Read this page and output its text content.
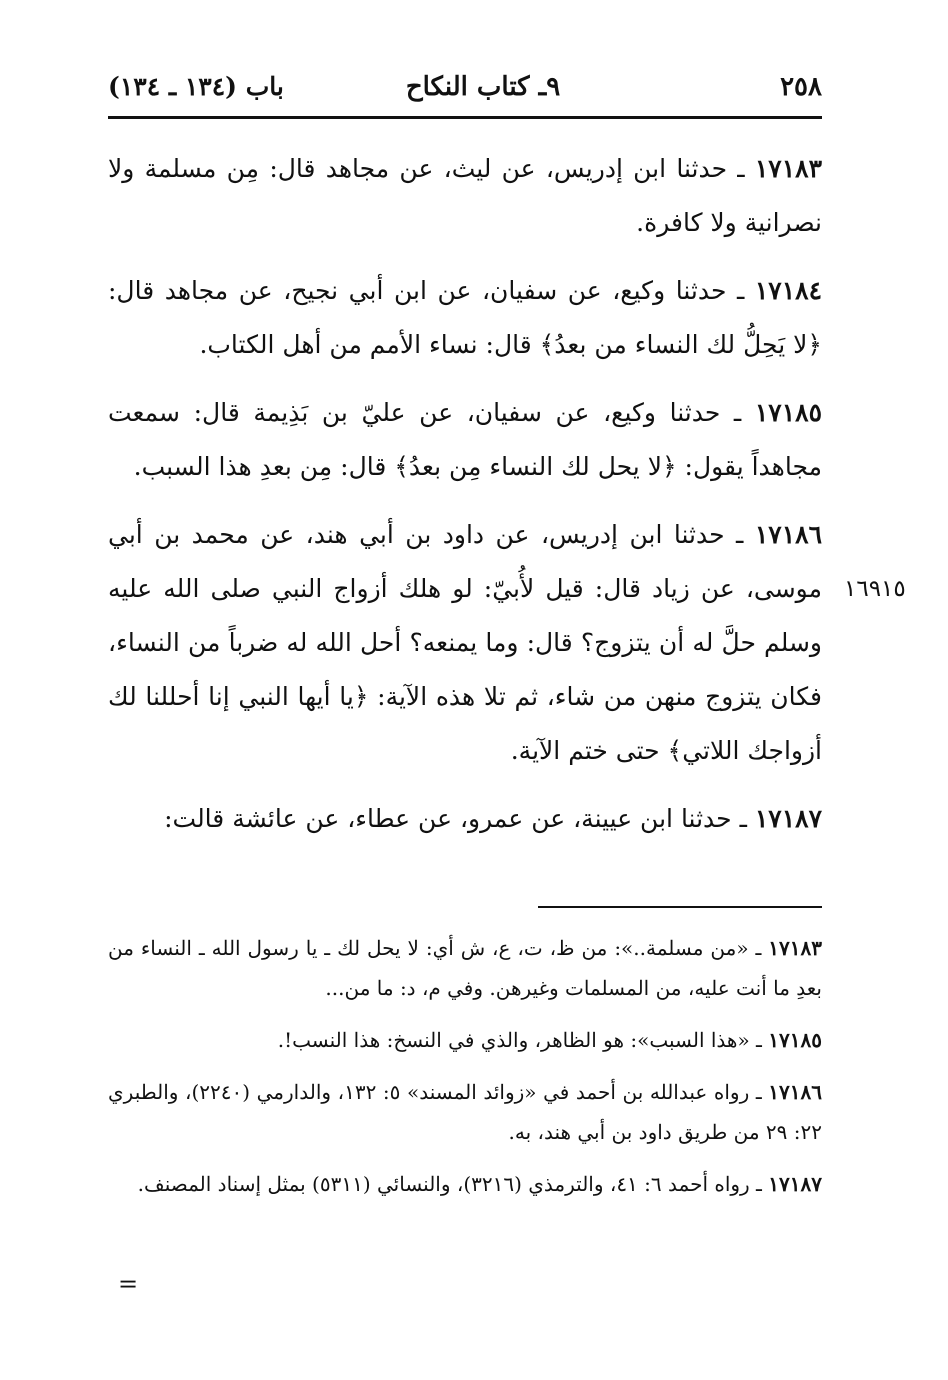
٢٥٨
٩ـ كتاب النكاح
باب (١٣٤ ـ ١٣٤)
١٦٩١٥

١٧١٨٣ ـ حدثنا ابن إدريس، عن ليث، عن مجاهد قال: مِن مسلمة ولا نصرانية ولا كافرة.

١٧١٨٤ ـ حدثنا وكيع، عن سفيان، عن ابن أبي نجيح، عن مجاهد قال: ﴿لا يَحِلُّ لك النساء من بعدُ﴾ قال: نساء الأمم من أهل الكتاب.

١٧١٨٥ ـ حدثنا وكيع، عن سفيان، عن عليّ بن بَذِيمة قال: سمعت مجاهداً يقول: ﴿لا يحل لك النساء مِن بعدُ﴾ قال: مِن بعدِ هذا السبب.

١٧١٨٦ ـ حدثنا ابن إدريس، عن داود بن أبي هند، عن محمد بن أبي موسى، عن زياد قال: قيل لأُبيّ: لو هلك أزواج النبي صلى الله عليه وسلم حلَّ له أن يتزوج؟ قال: وما يمنعه؟ أحل الله له ضرباً من النساء، فكان يتزوج منهن من شاء، ثم تلا هذه الآية: ﴿يا أيها النبي إنا أحللنا لك أزواجك اللاتي﴾ حتى ختم الآية.

١٧١٨٧ ـ حدثنا ابن عيينة، عن عمرو، عن عطاء، عن عائشة قالت:

١٧١٨٣ ـ «من مسلمة..»: من ظ، ت، ع، ش أي: لا يحل لك ـ يا رسول الله ـ النساء من بعدِ ما أنت عليه، من المسلمات وغيرهن. وفي م، د: ما من...

١٧١٨٥ ـ «هذا السبب»: هو الظاهر، والذي في النسخ: هذا النسب!.

١٧١٨٦ ـ رواه عبدالله بن أحمد في «زوائد المسند» ٥: ١٣٢، والدارمي (٢٢٤٠)، والطبري ٢٢: ٢٩ من طريق داود بن أبي هند، به.

١٧١٨٧ ـ رواه أحمد ٦: ٤١، والترمذي (٣٢١٦)، والنسائي (٥٣١١) بمثل إسناد المصنف.

=
